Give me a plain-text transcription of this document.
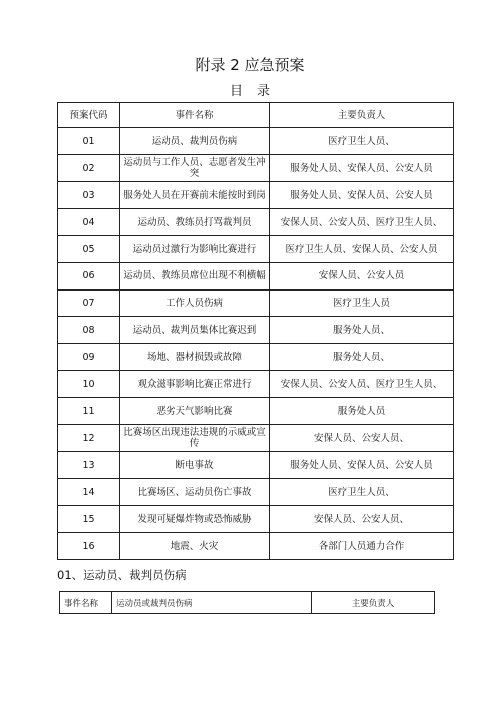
附录 2 应急预案
目录
预案代码	事件名称	主要负责人
01	运动员、裁判员伤病	医疗卫生人员、
02	运动员与工作人员、志愿者发生冲突	服务处人员、安保人员、公安人员
03	服务处人员在开赛前未能按时到岗	服务处人员、安保人员、公安人员
04	运动员、教练员打骂裁判员	安保人员、公安人员、医疗卫生人员、
05	运动员过激行为影响比赛进行	医疗卫生人员、安保人员、公安人员
06	运动员、教练员席位出现不利横幅	安保人员、公安人员
07	工作人员伤病	医疗卫生人员
08	运动员、裁判员集体比赛迟到	服务处人员、
09	场地、器材损毁或故障	服务处人员、
10	观众滋事影响比赛正常进行	安保人员、公安人员、医疗卫生人员、
11	恶劣天气影响比赛	服务处人员
12	比赛场区出现违法违规的示威或宣传	安保人员、公安人员、
13	断电事故	服务处人员、安保人员、公安人员
14	比赛场区、运动员伤亡事故	医疗卫生人员、
15	发现可疑爆炸物或恐怖威胁	安保人员、公安人员、
16	地震、火灾	各部门人员通力合作
01、运动员、裁判员伤病
事件名称	运动员或裁判员伤病	主要负责人
